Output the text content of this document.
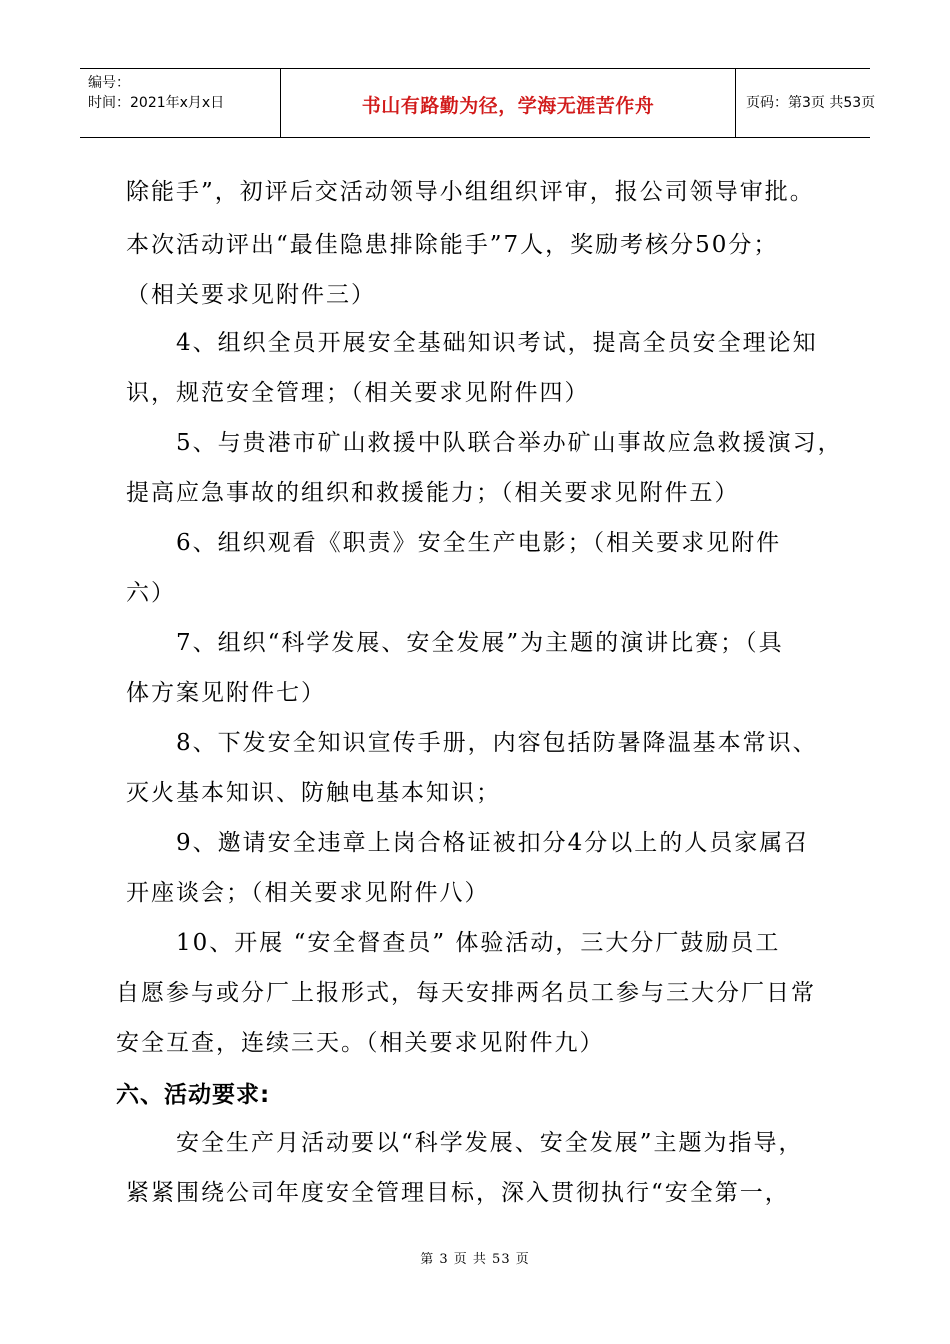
编号：
时间：2021年x月x日	书山有路勤为径，学海无涯苦作舟	页码：第3页 共53页
除能手”，初评后交活动领导小组组织评审，报公司领导审批。
本次活动评出“最佳隐患排除能手”7人，奖励考核分50分；
（相关要求见附件三）
4、组织全员开展安全基础知识考试，提高全员安全理论知
识，规范安全管理；（相关要求见附件四）
5、与贵港市矿山救援中队联合举办矿山事故应急救援演习，
提高应急事故的组织和救援能力；（相关要求见附件五）
6、组织观看《职责》安全生产电影；（相关要求见附件
六）
7、组织“科学发展、安全发展”为主题的演讲比赛；（具
体方案见附件七）
8、下发安全知识宣传手册，内容包括防暑降温基本常识、
灭火基本知识、防触电基本知识；
9、邀请安全违章上岗合格证被扣分4分以上的人员家属召
开座谈会；（相关要求见附件八）
10、开展 “安全督查员” 体验活动，三大分厂鼓励员工
自愿参与或分厂上报形式，每天安排两名员工参与三大分厂日常
安全互查，连续三天。（相关要求见附件九）
六、活动要求:
安全生产月活动要以“科学发展、安全发展”主题为指导，
紧紧围绕公司年度安全管理目标，深入贯彻执行“安全第一，
第 3 页 共 53 页
